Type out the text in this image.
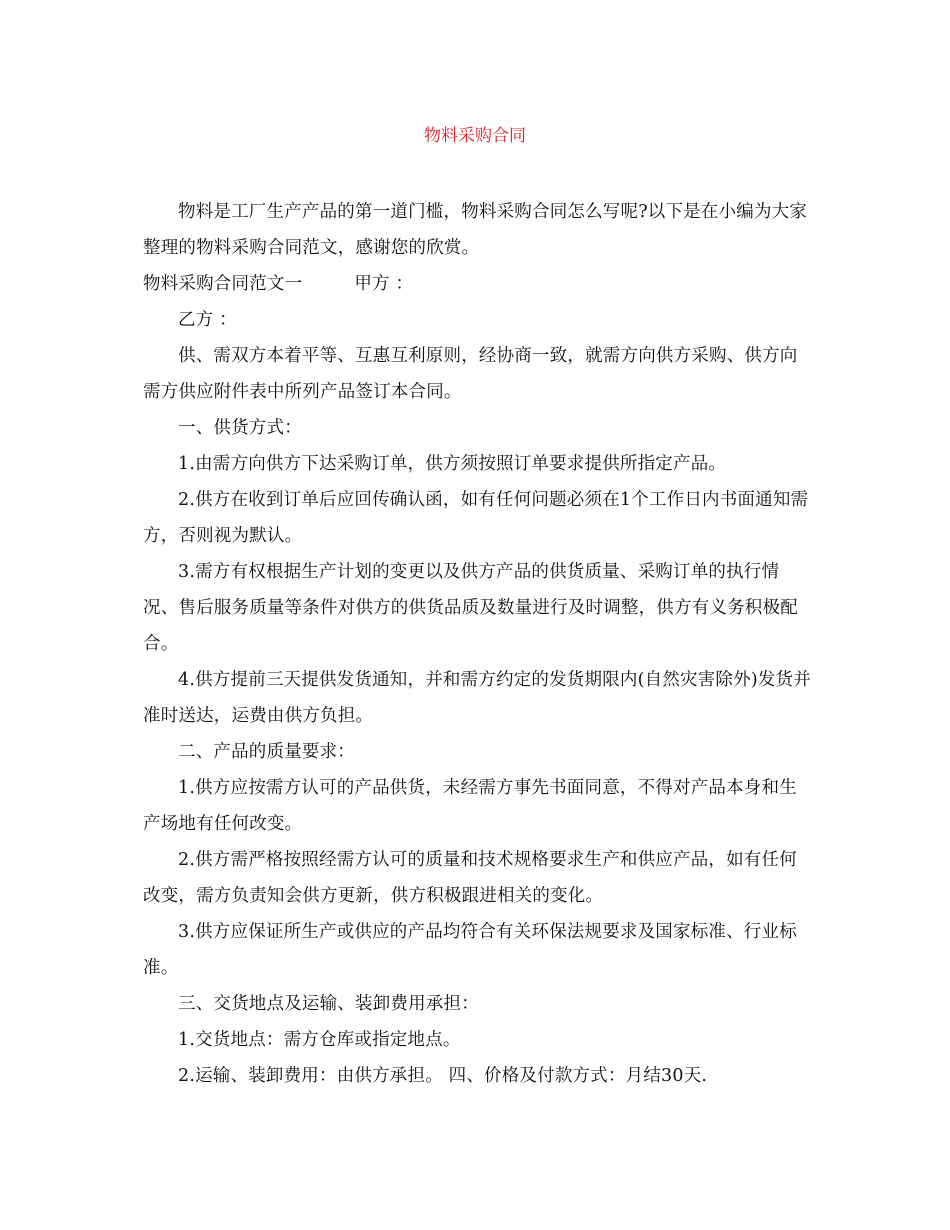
物料采购合同

物料是工厂生产产品的第一道门槛，物料采购合同怎么写呢?以下是在小编为大家整理的物料采购合同范文，感谢您的欣赏。

物料采购合同范文一	甲方 ：

乙方 ：

供、需双方本着平等、互惠互利原则，经协商一致，就需方向供方采购、供方向需方供应附件表中所列产品签订本合同。

一、供货方式：

1.由需方向供方下达采购订单，供方须按照订单要求提供所指定产品。

2.供方在收到订单后应回传确认函，如有任何问题必须在1个工作日内书面通知需方，否则视为默认。

3.需方有权根据生产计划的变更以及供方产品的供货质量、采购订单的执行情况、售后服务质量等条件对供方的供货品质及数量进行及时调整，供方有义务积极配合。

4.供方提前三天提供发货通知，并和需方约定的发货期限内(自然灾害除外)发货并准时送达，运费由供方负担。

二、产品的质量要求：

1.供方应按需方认可的产品供货，未经需方事先书面同意，不得对产品本身和生产场地有任何改变。

2.供方需严格按照经需方认可的质量和技术规格要求生产和供应产品，如有任何改变，需方负责知会供方更新，供方积极跟进相关的变化。

3.供方应保证所生产或供应的产品均符合有关环保法规要求及国家标准、行业标准。

三、交货地点及运输、装卸费用承担：

1.交货地点：需方仓库或指定地点。

2.运输、装卸费用：由供方承担。 四、价格及付款方式：月结30天.
